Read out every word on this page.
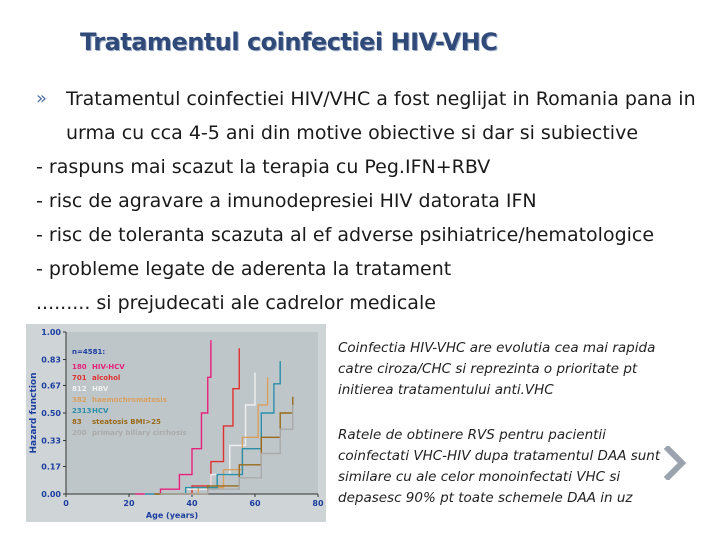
Tratamentul coinfectiei HIV-VHC
» Tratamentul coinfectiei HIV/VHC a fost neglijat in Romania pana in urma cu cca 4-5 ani din motive obiective si dar si subiective
- raspuns mai scazut la terapia cu Peg.IFN+RBV
- risc de agravare a imunodepresiei HIV datorata IFN
- risc de toleranta scazuta al ef adverse psihiatrice/hematologice
- probleme legate de aderenta la tratament
......... si prejudecati ale cadrelor medicale
0.00
0.17
0.33
0.50
0.67
0.83
1.00
0	20	40	60	80
Age (years)
Hazard function
n=4581:
180 HIV-HCV
701 alcohol
812 HBV
382 haemochromatosis
2313 HCV
83 steatosis BMI>25
200 primary biliary cirrhosis
Coinfectia HIV-VHC are evolutia cea mai rapida catre ciroza/CHC si reprezinta o prioritate pt initierea tratamentului anti.VHC
Ratele de obtinere RVS pentru pacientii coinfectati VHC-HIV dupa tratamentul DAA sunt similare cu ale celor monoinfectati VHC si depasesc 90% pt toate schemele DAA in uz
